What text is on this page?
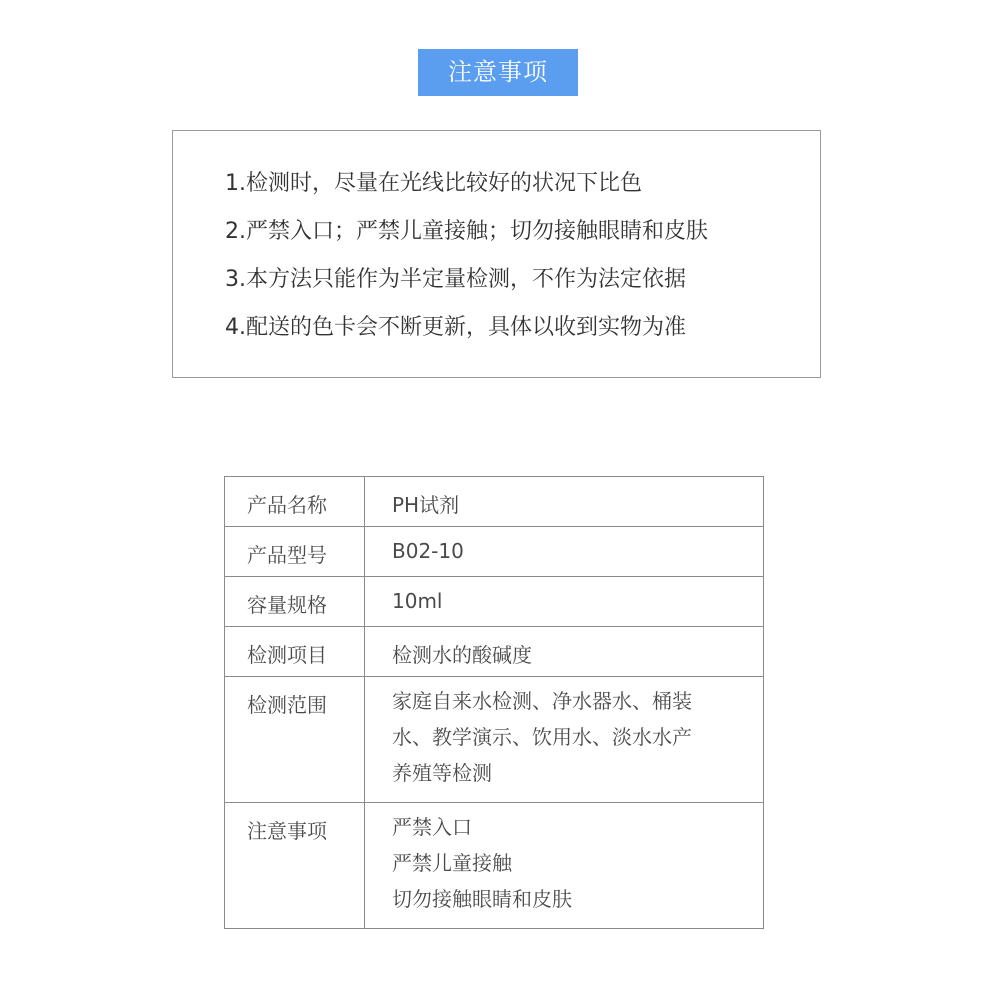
注意事项
1.检测时，尽量在光线比较好的状况下比色
2.严禁入口；严禁儿童接触；切勿接触眼睛和皮肤
3.本方法只能作为半定量检测，不作为法定依据
4.配送的色卡会不断更新，具体以收到实物为准
产品名称	PH试剂
产品型号	B02-10
容量规格	10ml
检测项目	检测水的酸碱度
检测范围	家庭自来水检测、净水器水、桶装
水、教学演示、饮用水、淡水水产
养殖等检测

注意事项	严禁入口
严禁儿童接触
切勿接触眼睛和皮肤
